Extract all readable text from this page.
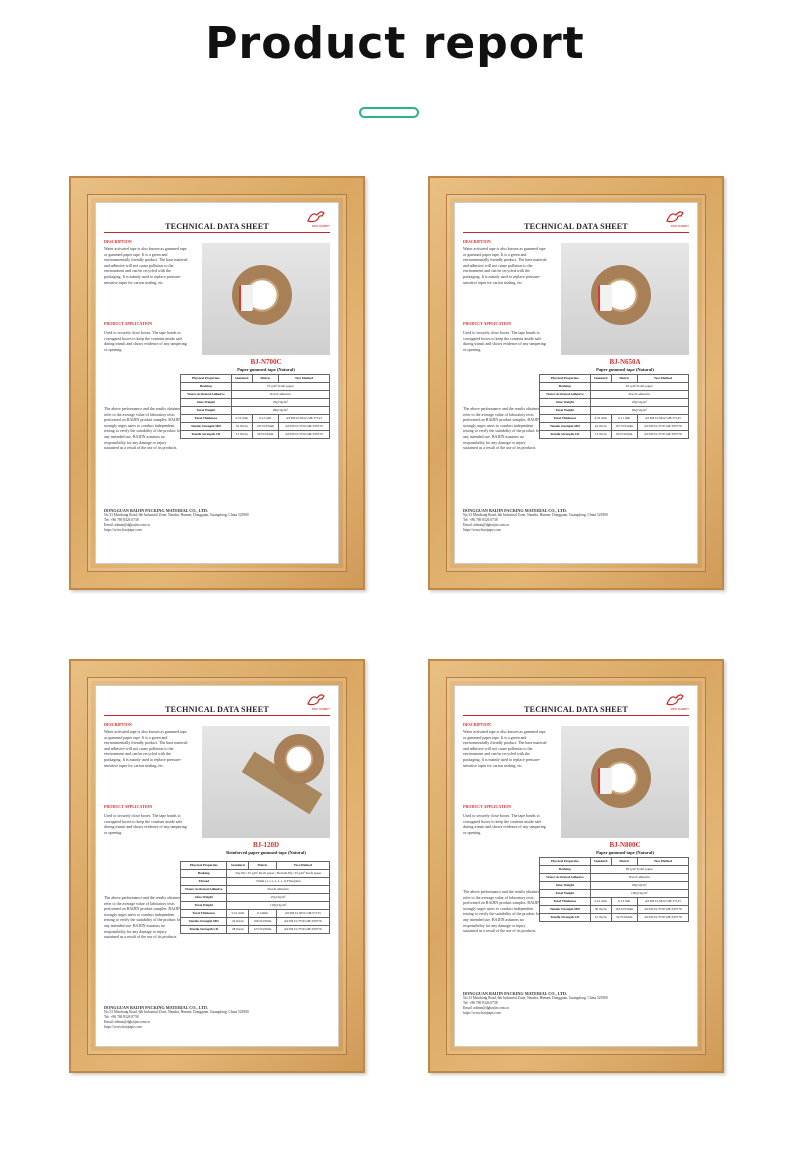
Product report
RED RABBIT
TECHNICAL DATA SHEET
DESCRIPTION
Water activated tape is also known as gummed tape or gummed paper tape. It is a green and environmentally friendly product. The base material and adhesive will not cause pollution to the environment and can be recycled with the packaging. It is mainly used to replace pressure-sensitive tapes for carton sealing, etc.
PRODUCT APPLICATION
Used to securely close boxes. The tape bonds to corrugated boxes to keep the contents inside safe during transit and shows evidence of any tampering or opening.
BJ-N700C
Paper gummed tape (Natural)
The above performance and the results obtained refer to the average value of laboratory tests performed on BAIJIN product samples. BAIJIN strongly urges users to conduct independent testing to verify the suitability of the product for any intended use. BAIJIN assumes no responsibility for any damage or injury sustained as a result of the use of its products.
Physical Properties	Standard	Metric	Test Method
Backing	70 g/m² Kraft paper		
Water Activated Adhesive	Starch adhesive		
Glue Weight	20g±2g/m²		
Total Weight	90g±2g/m²		
Total Thickness	4.72 mils	0.12 mm	ASTM D-3652 GB/T7125
Tensile Strength MD	34 lbs/in	150 N/25mm	ASTM D-3759 GB/T30776
Tensile Strength CD	13 lbs/in	56 N/25mm	ASTM D-3759 GB/T30776
DONGGUAN BAIJIN PACKING MATERIAL CO., LTD.
No.33 Minchang Road, 6th Industrial Zone, Nanzha, Humen, Dongguan, Guangdong, China 523900
Tel: +86 769 8326 0738
Email: admin@dgbaijin.com.cn
https://www.baojtape.com
RED RABBIT
TECHNICAL DATA SHEET
DESCRIPTION
Water activated tape is also known as gummed tape or gummed paper tape. It is a green and environmentally friendly product. The base material and adhesive will not cause pollution to the environment and can be recycled with the packaging. It is mainly used to replace pressure-sensitive tapes for carton sealing, etc.
PRODUCT APPLICATION
Used to securely close boxes. The tape bonds to corrugated boxes to keep the contents inside safe during transit and shows evidence of any tampering or opening.
BJ-N650A
Paper gummed tape (Natural)
The above performance and the results obtained refer to the average value of laboratory tests performed on BAIJIN product samples. BAIJIN strongly urges users to conduct independent testing to verify the suitability of the product for any intended use. BAIJIN assumes no responsibility for any damage or injury sustained as a result of the use of its products.
Physical Properties	Standard	Metric	Test Method
Backing	65 g/m² Kraft paper		
Water Activated Adhesive	Starch adhesive		
Glue Weight	20g±2g/m²		
Total Weight	85g±2g/m²		
Total Thickness	4.33 mils	0.11 mm	ASTM D-3652 GB/T7125
Tensile Strength MD	24 lbs/in	107 N/25mm	ASTM D-3759 GB/T30776
Tensile Strength CD	13 lbs/in	60 N/25mm	ASTM D-3759 GB/T30776
DONGGUAN BAIJIN PACKING MATERIAL CO., LTD.
No.33 Minchang Road, 6th Industrial Zone, Nanzha, Humen, Dongguan, Guangdong, China 523900
Tel: +86 769 8326 0738
Email: admin@dgbaijin.com.cn
https://www.baojtape.com
RED RABBIT
TECHNICAL DATA SHEET
DESCRIPTION
Water activated tape is also known as gummed tape or gummed paper tape. It is a green and environmentally friendly product. The base material and adhesive will not cause pollution to the environment and can be recycled with the packaging. It is mainly used to replace pressure-sensitive tapes for carton sealing, etc.
PRODUCT APPLICATION
Used to securely close boxes. The tape bonds to corrugated boxes to keep the contents inside safe during transit and shows evidence of any tampering or opening.
BJ-120D
Reinforced paper gummed tape (Natural)
The above performance and the results obtained refer to the average value of laboratory tests performed on BAIJIN product samples. BAIJIN strongly urges users to conduct independent testing to verify the suitability of the product for any intended use. BAIJIN assumes no responsibility for any damage or injury sustained as a result of the use of its products.
Physical Properties	Standard	Metric	Test Method
Backing	Top Ply: 35 g/m² Kraft paper / Bottom Ply: 35 g/m² Kraft paper		
Thread	72mm (1-1-1-1-1-1-1) Fiberglass		
Water Activated Adhesive	Starch adhesive		
Glue Weight	25g±2g/m²		
Total Weight	118g±2g/m²		
Total Thickness	5.51 mils	0.14mm	ASTM D-3652 GB/T7125
Tensile Strength MD	43 lbs/in	190 N/25mm	ASTM D-3759 GB/T30776
Tensile Strength CD	28 lbs/in	123 N/25mm	ASTM D-3759 GB/T30776
DONGGUAN BAIJIN PACKING MATERIAL CO., LTD.
No.33 Minchang Road, 6th Industrial Zone, Nanzha, Humen, Dongguan, Guangdong, China 523900
Tel: +86 769 8326 0738
Email: admin@dgbaijin.com.cn
https://www.baojtape.com
RED RABBIT
TECHNICAL DATA SHEET
DESCRIPTION
Water activated tape is also known as gummed tape or gummed paper tape. It is a green and environmentally friendly product. The base material and adhesive will not cause pollution to the environment and can be recycled with the packaging. It is mainly used to replace pressure-sensitive tapes for carton sealing, etc.
PRODUCT APPLICATION
Used to securely close boxes. The tape bonds to corrugated boxes to keep the contents inside safe during transit and shows evidence of any tampering or opening.
BJ-N800C
Paper gummed tape (Natural)
The above performance and the results obtained refer to the average value of laboratory tests performed on BAIJIN product samples. BAIJIN strongly urges users to conduct independent testing to verify the suitability of the product for any intended use. BAIJIN assumes no responsibility for any damage or injury sustained as a result of the use of its products.
Physical Properties	Standard	Metric	Test Method
Backing	80 g/m² Kraft paper		
Water Activated Adhesive	Starch adhesive		
Glue Weight	20g±2g/m²		
Total Weight	100g±2g/m²		
Total Thickness	5.12 mils	0.13 mm	ASTM D-3652 GB/T7125
Tensile Strength MD	36 lbs/in	163 N/25mm	ASTM D-3759 GB/T30776
Tensile Strength CD	12 lbs/in	54 N/25mm	ASTM D-3759 GB/T30776
DONGGUAN BAIJIN PACKING MATERIAL CO., LTD.
No.33 Minchang Road, 6th Industrial Zone, Nanzha, Humen, Dongguan, Guangdong, China 523900
Tel: +86 769 8326 0738
Email: admin@dgbaijin.com.cn
https://www.baojtape.com
